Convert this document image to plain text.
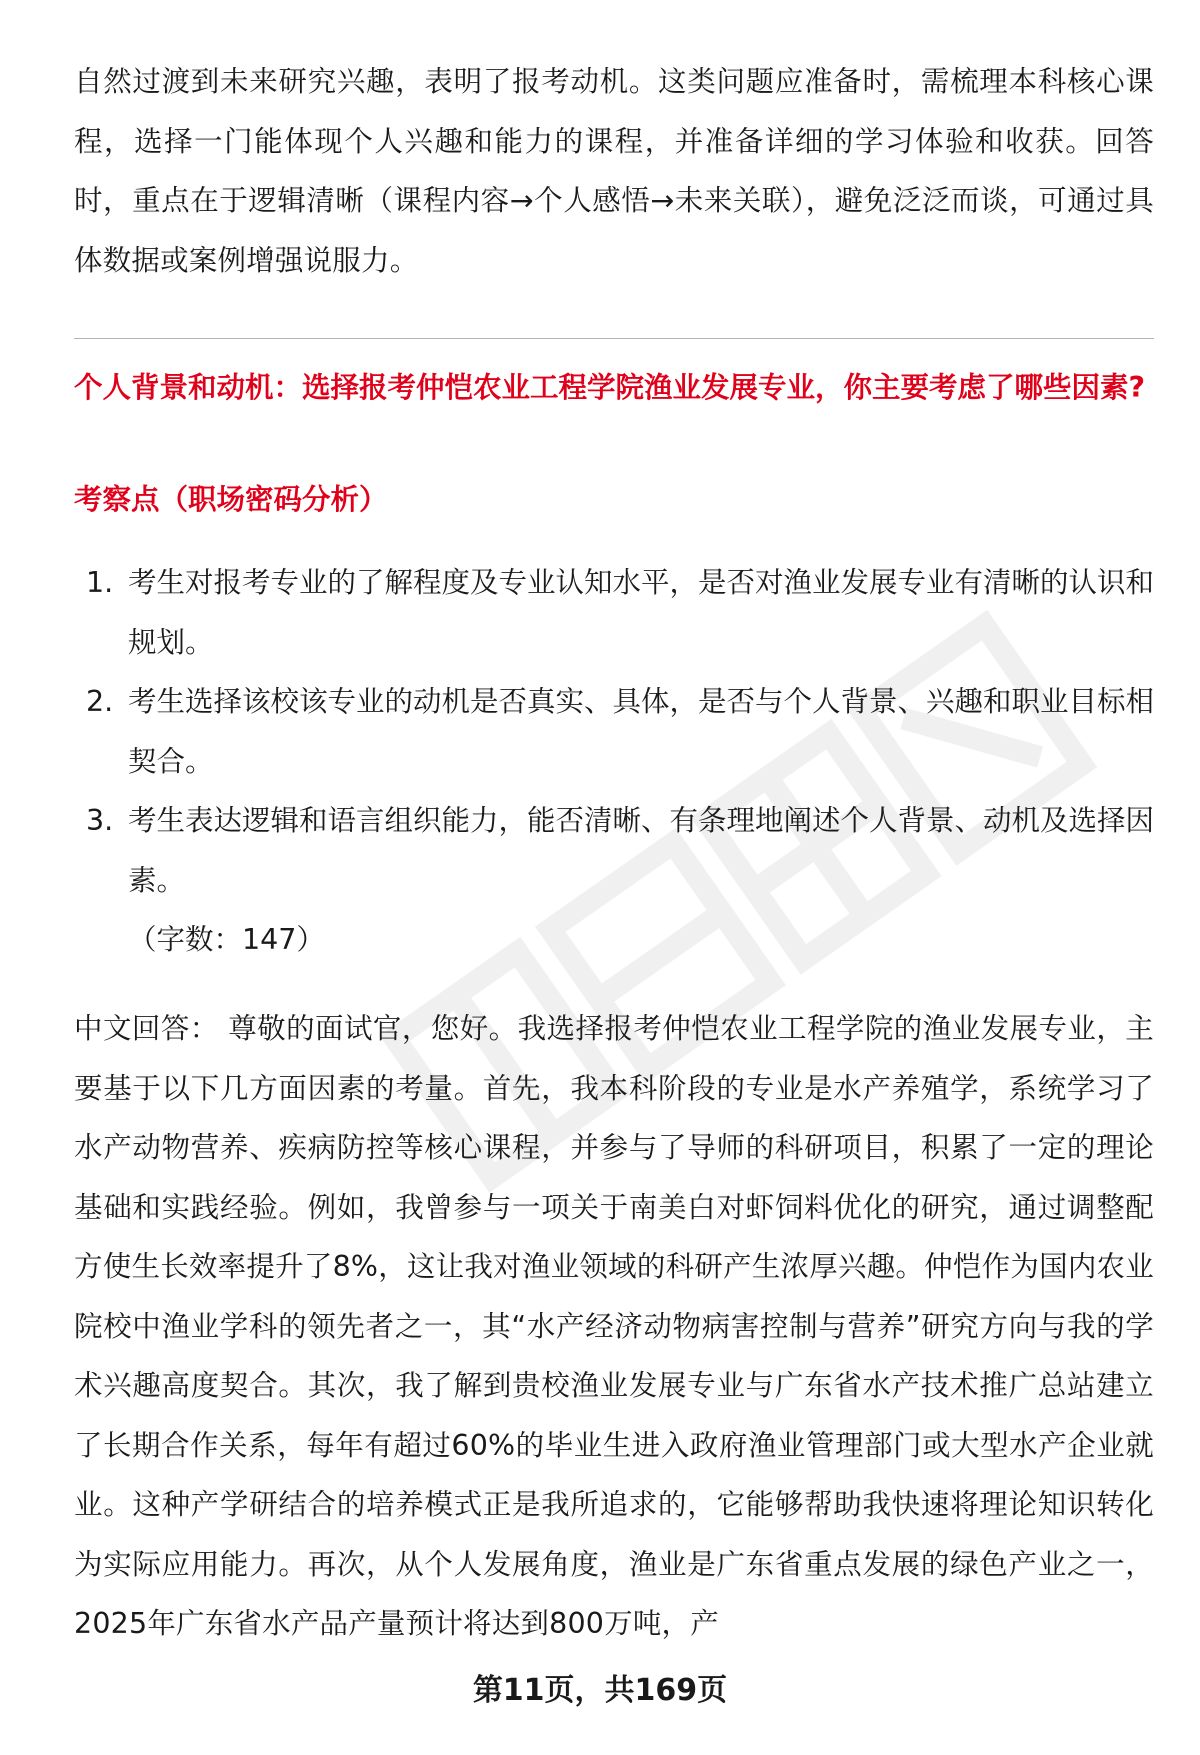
自然过渡到未来研究兴趣，表明了报考动机。这类问题应准备时，需梳理本科核心课程，选择一门能体现个人兴趣和能力的课程，并准备详细的学习体验和收获。回答时，重点在于逻辑清晰（课程内容→个人感悟→未来关联），避免泛泛而谈，可通过具体数据或案例增强说服力。

个人背景和动机：选择报考仲恺农业工程学院渔业发展专业，你主要考虑了哪些因素?
考察点（职场密码分析）
1. 考生对报考专业的了解程度及专业认知水平，是否对渔业发展专业有清晰的认识和规划。
2. 考生选择该校该专业的动机是否真实、具体，是否与个人背景、兴趣和职业目标相契合。
3. 考生表达逻辑和语言组织能力，能否清晰、有条理地阐述个人背景、动机及选择因素。

（字数：147）

中文回答： 尊敬的面试官，您好。我选择报考仲恺农业工程学院的渔业发展专业，主要基于以下几方面因素的考量。首先，我本科阶段的专业是水产养殖学，系统学习了水产动物营养、疾病防控等核心课程，并参与了导师的科研项目，积累了一定的理论基础和实践经验。例如，我曾参与一项关于南美白对虾饲料优化的研究，通过调整配方使生长效率提升了8%，这让我对渔业领域的科研产生浓厚兴趣。仲恺作为国内农业院校中渔业学科的领先者之一，其“水产经济动物病害控制与营养”研究方向与我的学术兴趣高度契合。其次，我了解到贵校渔业发展专业与广东省水产技术推广总站建立了长期合作关系，每年有超过60%的毕业生进入政府渔业管理部门或大型水产企业就业。这种产学研结合的培养模式正是我所追求的，它能够帮助我快速将理论知识转化为实际应用能力。再次，从个人发展角度，渔业是广东省重点发展的绿色产业之一，2025年广东省水产品产量预计将达到800万吨，产

第11页，共169页
